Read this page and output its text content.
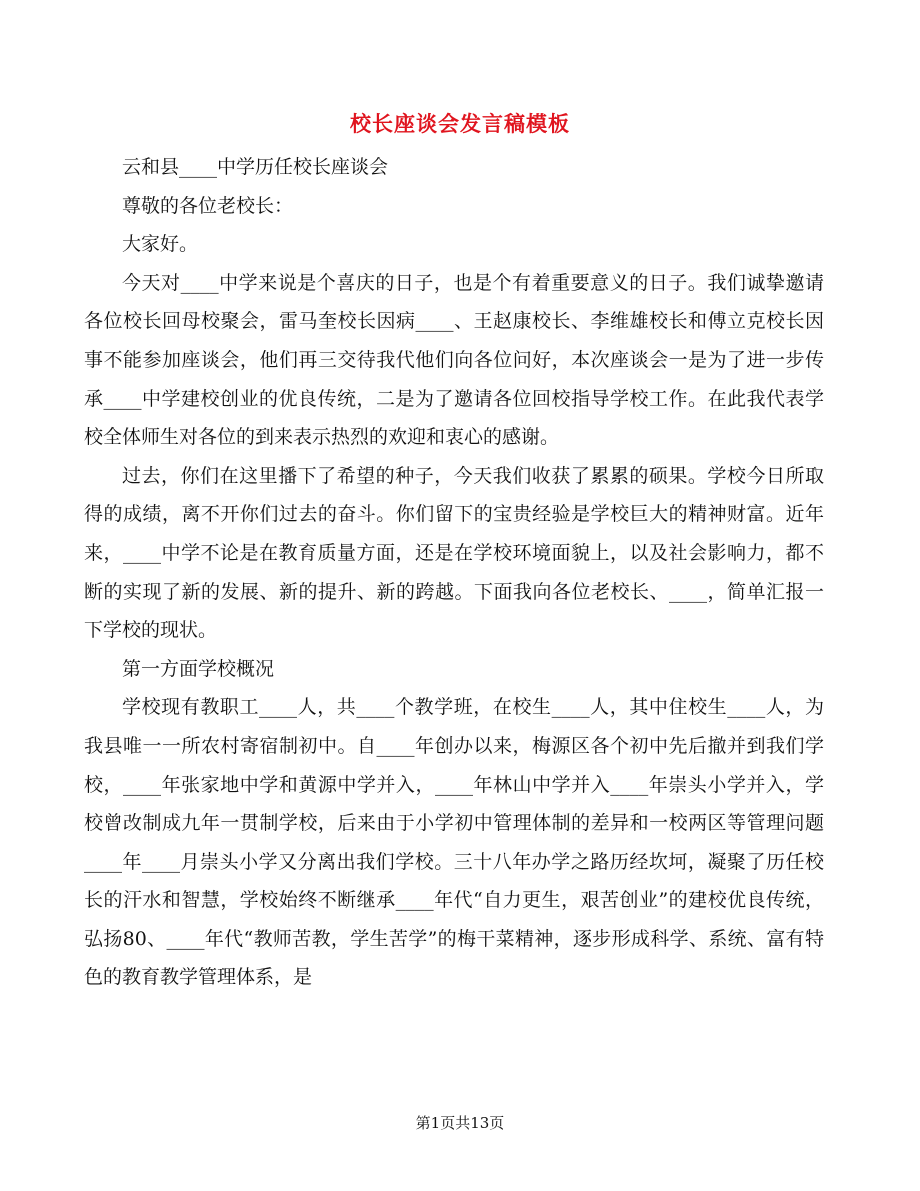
校长座谈会发言稿模板

云和县____中学历任校长座谈会

尊敬的各位老校长：

大家好。

今天对____中学来说是个喜庆的日子，也是个有着重要意义的日子。我们诚挚邀请各位校长回母校聚会，雷马奎校长因病____、王赵康校长、李维雄校长和傅立克校长因事不能参加座谈会，他们再三交待我代他们向各位问好，本次座谈会一是为了进一步传承____中学建校创业的优良传统，二是为了邀请各位回校指导学校工作。在此我代表学校全体师生对各位的到来表示热烈的欢迎和衷心的感谢。

过去，你们在这里播下了希望的种子，今天我们收获了累累的硕果。学校今日所取得的成绩，离不开你们过去的奋斗。你们留下的宝贵经验是学校巨大的精神财富。近年来，____中学不论是在教育质量方面，还是在学校环境面貌上，以及社会影响力，都不断的实现了新的发展、新的提升、新的跨越。下面我向各位老校长、____，简单汇报一下学校的现状。

第一方面学校概况

学校现有教职工____人，共____个教学班，在校生____人，其中住校生____人，为我县唯一一所农村寄宿制初中。自____年创办以来，梅源区各个初中先后撤并到我们学校，____年张家地中学和黄源中学并入，____年林山中学并入____年崇头小学并入，学校曾改制成九年一贯制学校，后来由于小学初中管理体制的差异和一校两区等管理问题____年____月崇头小学又分离出我们学校。三十八年办学之路历经坎坷，凝聚了历任校长的汗水和智慧，学校始终不断继承____年代“自力更生，艰苦创业”的建校优良传统，弘扬80、____年代“教师苦教，学生苦学”的梅干菜精神，逐步形成科学、系统、富有特色的教育教学管理体系，是

第1页共13页
